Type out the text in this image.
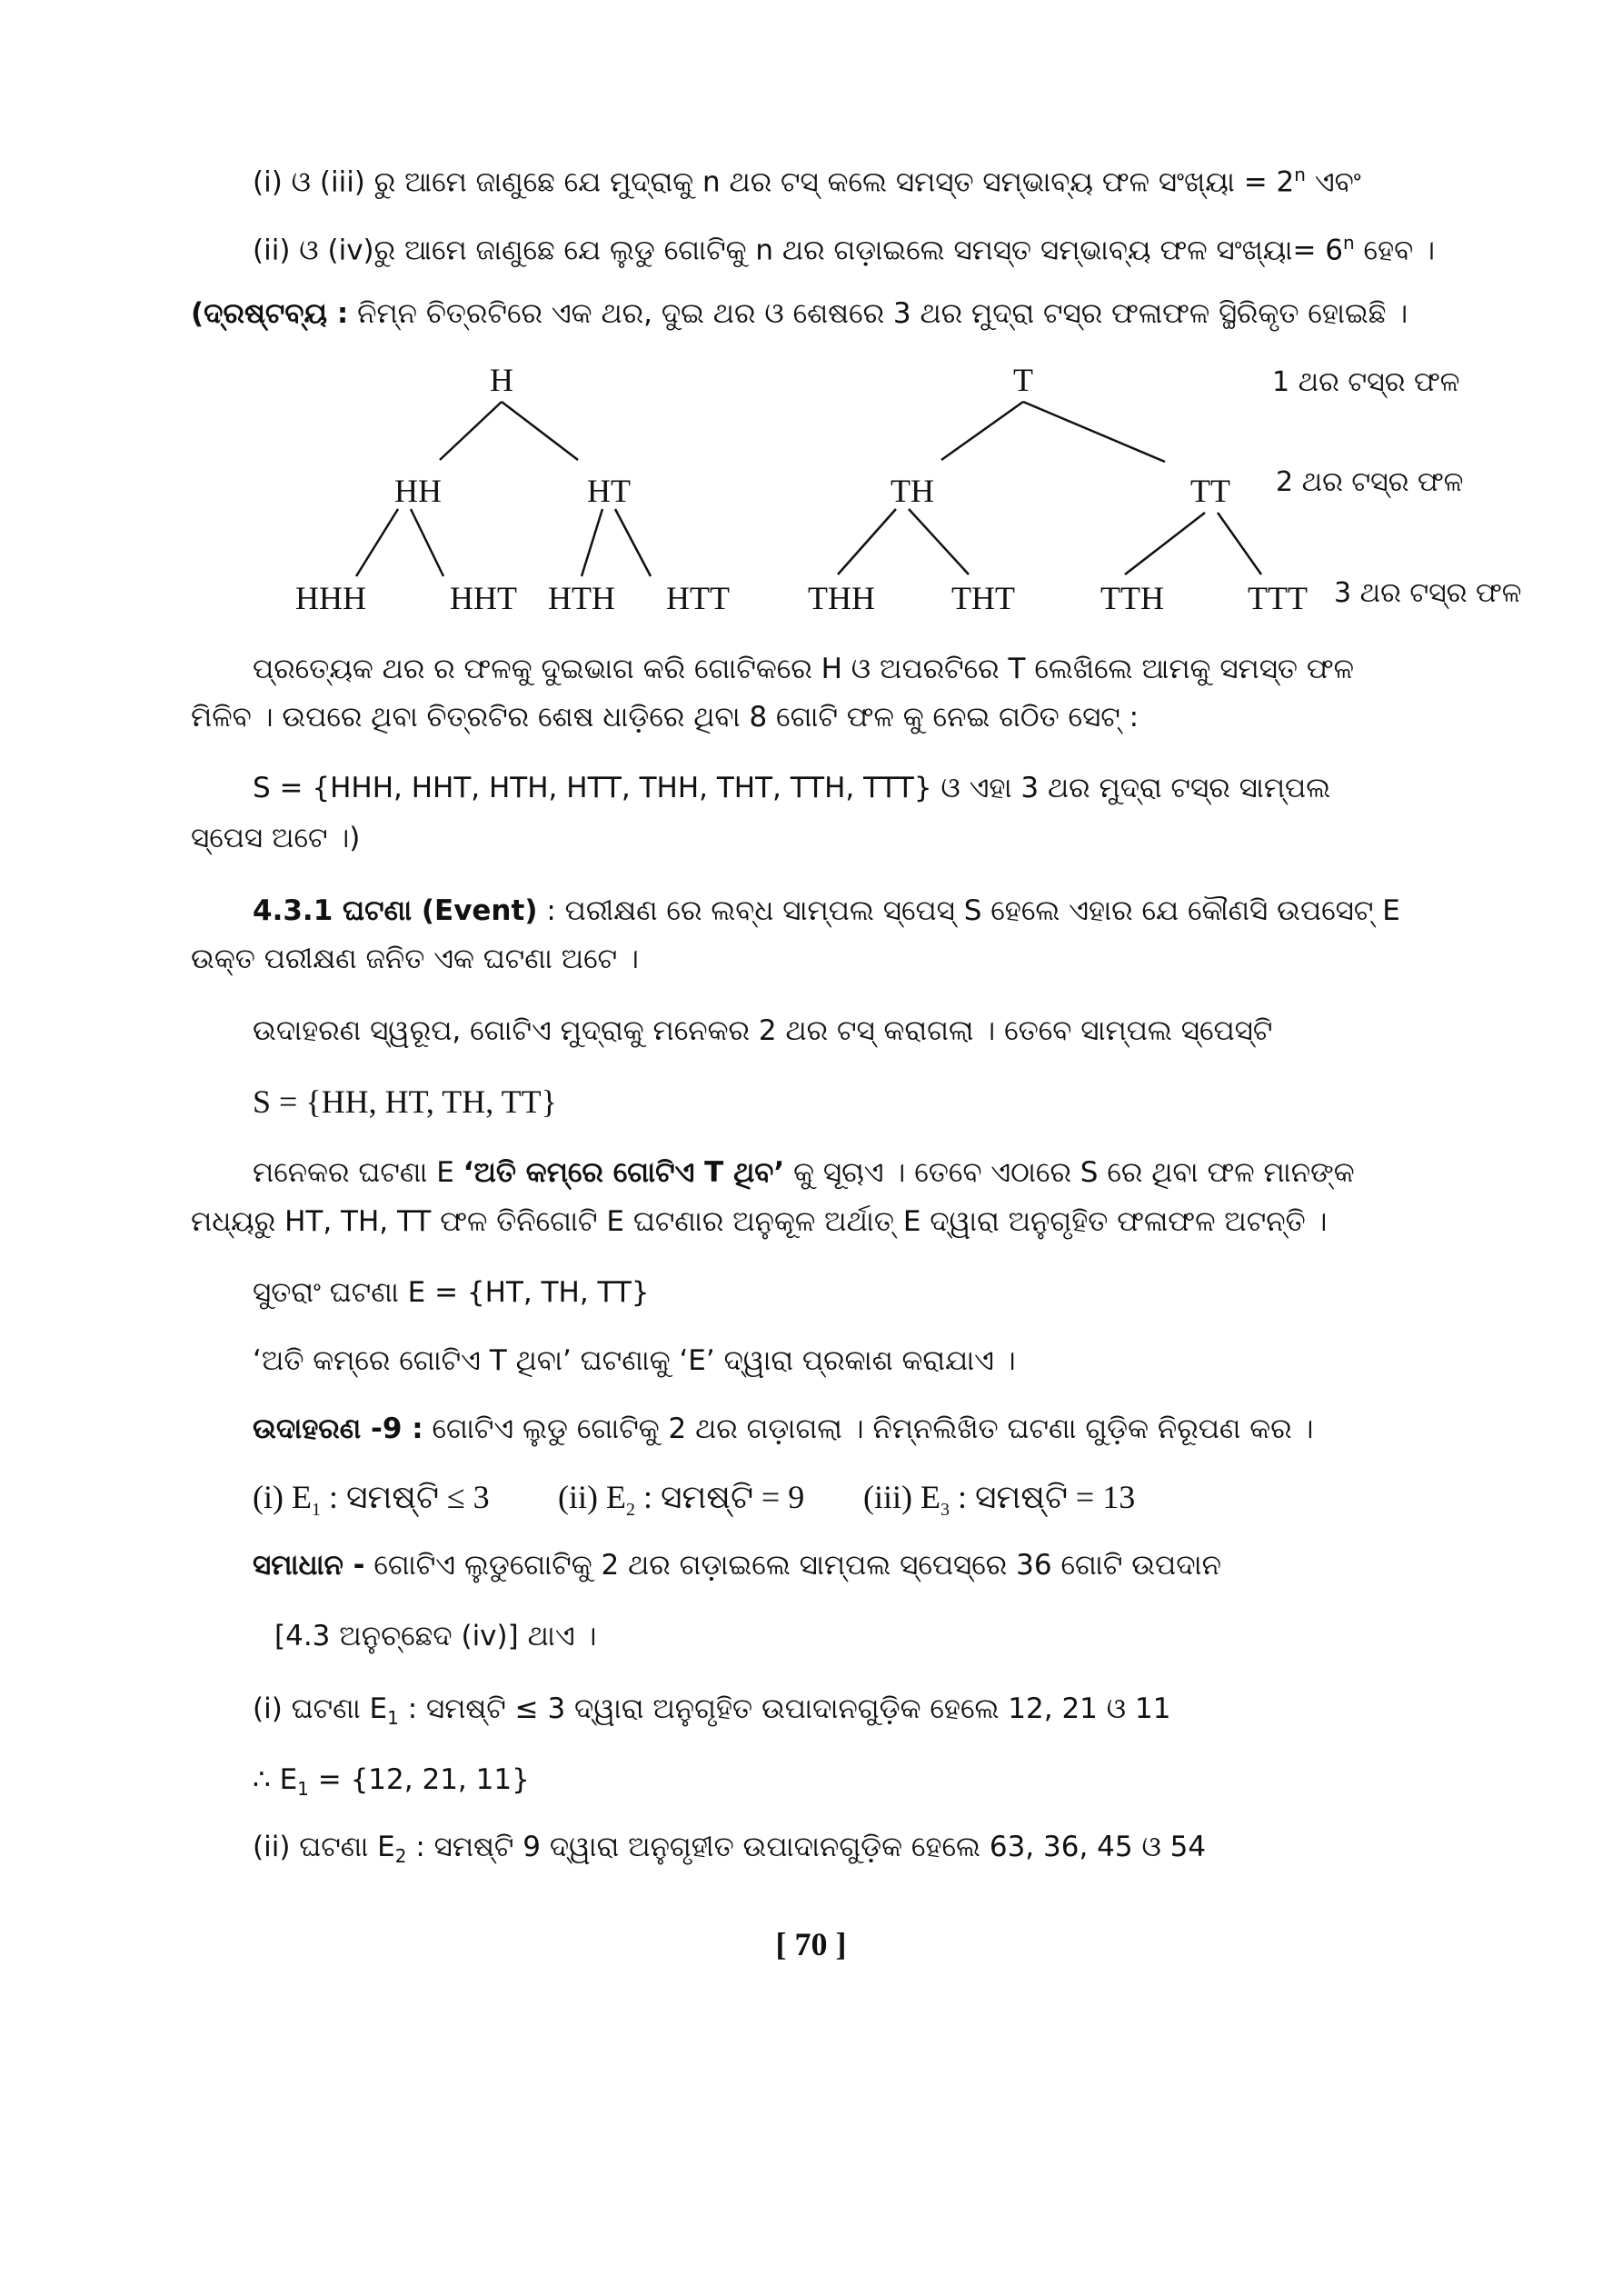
(i) ଓ (iii) ରୁ ଆମେ ଜାଣୁଛେ ଯେ ମୁଦ୍ରାକୁ n ଥର ଟସ୍ କଲେ ସମସ୍ତ ସମ୍ଭାବ୍ୟ ଫଳ ସଂଖ୍ୟା = $2^n$ ଏବଂ
(ii) ଓ (iv)ରୁ ଆମେ ଜାଣୁଛେ ଯେ ଲୁଡୁ ଗୋଟିକୁ n ଥର ଗଡ଼ାଇଲେ ସମସ୍ତ ସମ୍ଭାବ୍ୟ ଫଳ ସଂଖ୍ୟା= $6^n$ ହେବ ।
(ଦ୍ରଷ୍ଟବ୍ୟ : ନିମ୍ନ ଚିତ୍ରଟିରେ ଏକ ଥର, ଦୁଇ ଥର ଓ ଶେଷରେ 3 ଥର ମୁଦ୍ରା ଟସ୍‌ର ଫଳାଫଳ ସ୍ଥିରିକୃତ ହୋଇଛି ।
H	T
HH	HT	TH	TT
HHH	HHT HTH HTT THH THT	TTH	TTT
1 ଥର ଟସ୍‌ର ଫଳ
2 ଥର ଟସ୍‌ର ଫଳ
3 ଥର ଟସ୍‌ର ଫଳ
ପ୍ରତ୍ୟେକ ଥର ର ଫଳକୁ ଦୁଇଭାଗ କରି ଗୋଟିକରେ H ଓ ଅପରଟିରେ T ଲେଖିଲେ ଆମକୁ ସମସ୍ତ ଫଳ
ମିଳିବ । ଉପରେ ଥିବା ଚିତ୍ରଟିର ଶେଷ ଧାଡ଼ିରେ ଥିବା 8 ଗୋଟି ଫଳ କୁ ନେଇ ଗଠିତ ସେଟ୍ :
S = {HHH, HHT, HTH, HTT, THH, THT, TTH, TTT} ଓ ଏହା 3 ଥର ମୁଦ୍ରା ଟସ୍‌ର ସାମ୍ପଲ
ସ୍ପେସ ଅଟେ ।)
4.3.1 ଘଟଣା (Event) : ପରୀକ୍ଷଣ ରେ ଲବ୍ଧ ସାମ୍ପଲ ସ୍ପେସ୍ S ହେଲେ ଏହାର ଯେ କୌଣସି ଉପସେଟ୍ E
ଉକ୍ତ ପରୀକ୍ଷଣ ଜନିତ ଏକ ଘଟଣା ଅଟେ ।
ଉଦାହରଣ ସ୍ୱରୂପ, ଗୋଟିଏ ମୁଦ୍ରାକୁ ମନେକର 2 ଥର ଟସ୍ କରାଗଲା । ତେବେ ସାମ୍ପଲ ସ୍ପେସ୍‌ଟି
S = {HH, HT, TH, TT}
ମନେକର ଘଟଣା E ‘ଅତି କମ୍‌ରେ ଗୋଟିଏ T ଥିବ’ କୁ ସୂଚାଏ । ତେବେ ଏଠାରେ S ରେ ଥିବା ଫଳ ମାନଙ୍କ
ମଧ୍ୟରୁ HT, TH, TT ଫଳ ତିନିଗୋଟି E ଘଟଣାର ଅନୁକୂଳ ଅର୍ଥାତ୍ E ଦ୍ୱାରା ଅନୁଗୃହିତ ଫଳାଫଳ ଅଟନ୍ତି ।
ସୁତରାଂ ଘଟଣା E = {HT, TH, TT}
‘ଅତି କମ୍‌ରେ ଗୋଟିଏ T ଥିବା’ ଘଟଣାକୁ ‘E’ ଦ୍ୱାରା ପ୍ରକାଶ କରାଯାଏ ।
ଉଦାହରଣ -9 : ଗୋଟିଏ ଲୁଡୁ ଗୋଟିକୁ 2 ଥର ଗଡ଼ାଗଲା । ନିମ୍ନଲିଖିତ ଘଟଣା ଗୁଡ଼ିକ ନିରୂପଣ କର ।
(i) $E_1$ : ସମଷ୍ଟି ≤ 3 (ii) $E_2$ : ସମଷ୍ଟି = 9 (iii) $E_3$ : ସମଷ୍ଟି = 13
ସମାଧାନ - ଗୋଟିଏ ଲୁଡୁଗୋଟିକୁ 2 ଥର ଗଡ଼ାଇଲେ ସାମ୍ପଲ ସ୍ପେସ୍‌ରେ 36 ଗୋଟି ଉପଦାନ
[4.3 ଅନୁଚ୍ଛେଦ (iv)] ଥାଏ ।
(i) ଘଟଣା $E_1$ : ସମଷ୍ଟି ≤ 3 ଦ୍ୱାରା ଅନୁଗୃହିତ ଉପାଦାନଗୁଡ଼ିକ ହେଲେ 12, 21 ଓ 11
∴ $E_1 = \{12$, 21, 11}
(ii) ଘଟଣା $E_2$ : ସମଷ୍ଟି 9 ଦ୍ୱାରା ଅନୁଗୃହୀତ ଉପାଦାନଗୁଡ଼ିକ ହେଲେ 63, 36, 45 ଓ 54
[ 70 ]
